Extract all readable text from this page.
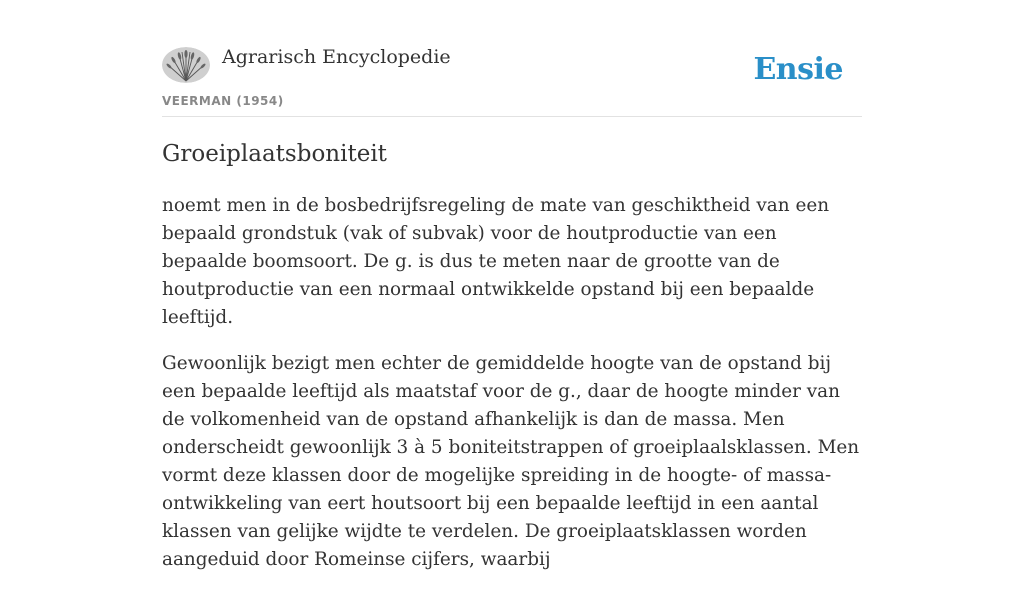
Agrarisch Encyclopedie
VEERMAN (1954)
Ensie
Groeiplaatsboniteit

noemt men in de bosbedrijfsregeling de mate van geschiktheid van een bepaald grondstuk (vak of subvak) voor de houtproductie van een bepaalde boomsoort. De g. is dus te meten naar de grootte van de houtproductie van een normaal ontwikkelde opstand bij een bepaalde leeftijd.

Gewoonlijk bezigt men echter de gemiddelde hoogte van de opstand bij een bepaalde leeftijd als maatstaf voor de g., daar de hoogte minder van de volkomenheid van de opstand afhankelijk is dan de massa. Men onderscheidt gewoonlijk 3 à 5 boniteitstrappen of groeiplaalsklassen. Men vormt deze klassen door de mogelijke spreiding in de hoogte- of massa-ontwikkeling van eert houtsoort bij een bepaalde leeftijd in een aantal klassen van gelijke wijdte te verdelen. De groeiplaatsklassen worden aangeduid door Romeinse cijfers, waarbij
